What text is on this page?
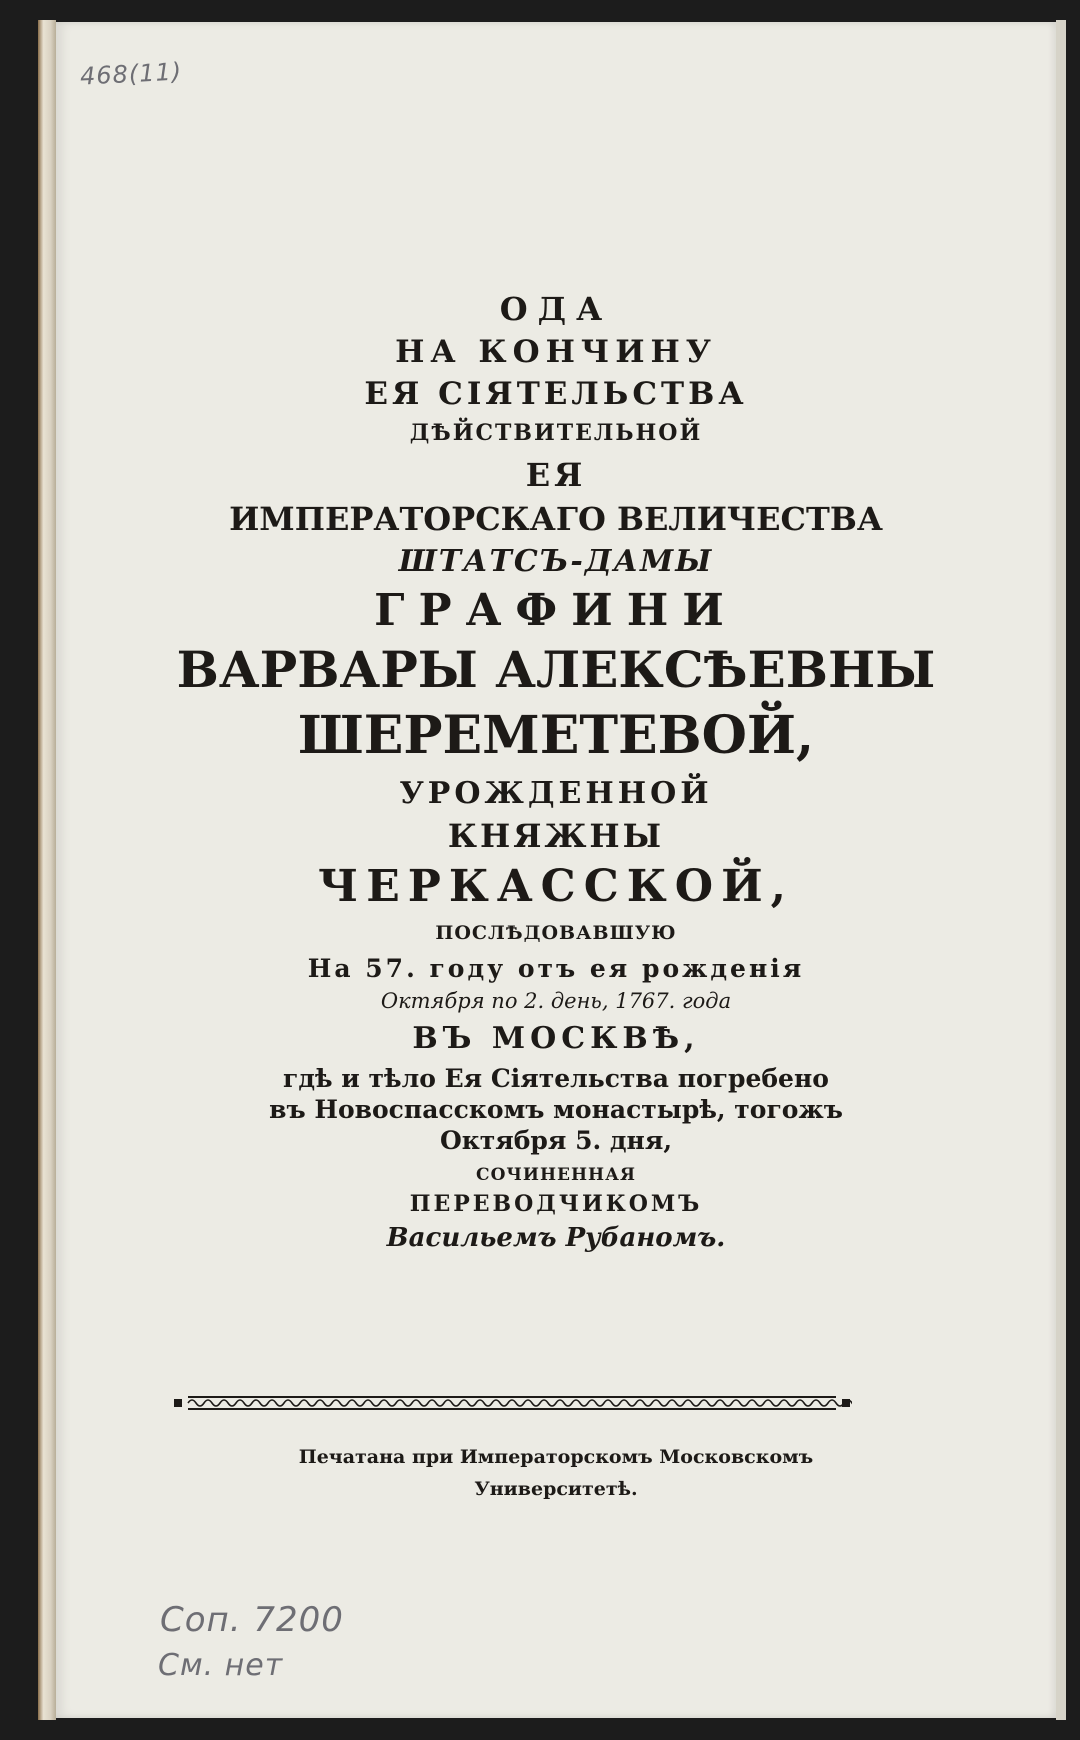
468(11)
ОДА
НА КОНЧИНУ
ЕЯ СІЯТЕЛЬСТВА
ДѢЙСТВИТЕЛЬНОЙ
ЕЯ
ИМПЕРАТОРСКАГО ВЕЛИЧЕСТВА
ШТАТСЪ-ДАМЫ
ГРАФИНИ
ВАРВАРЫ АЛЕКСѢЕВНЫ
ШЕРЕМЕТЕВОЙ,
УРОЖДЕННОЙ
КНЯЖНЫ
ЧЕРКАССКОЙ,
ПОСЛѢДОВАВШУЮ
На 57. году отъ ея рожденія
Октября по 2. день, 1767. года
ВЪ МОСКВѢ,
гдѣ и тѣло Ея Сіятельства погребено
въ Новоспасскомъ монастырѣ, тогожъ
Октября 5. дня,
СОЧИНЕННАЯ
ПЕРЕВОДЧИКОМЪ
Васильемъ Рубаномъ.
Печатана при Императорскомъ Московскомъ
Университетѣ.
Соп. 7200
См. нет
